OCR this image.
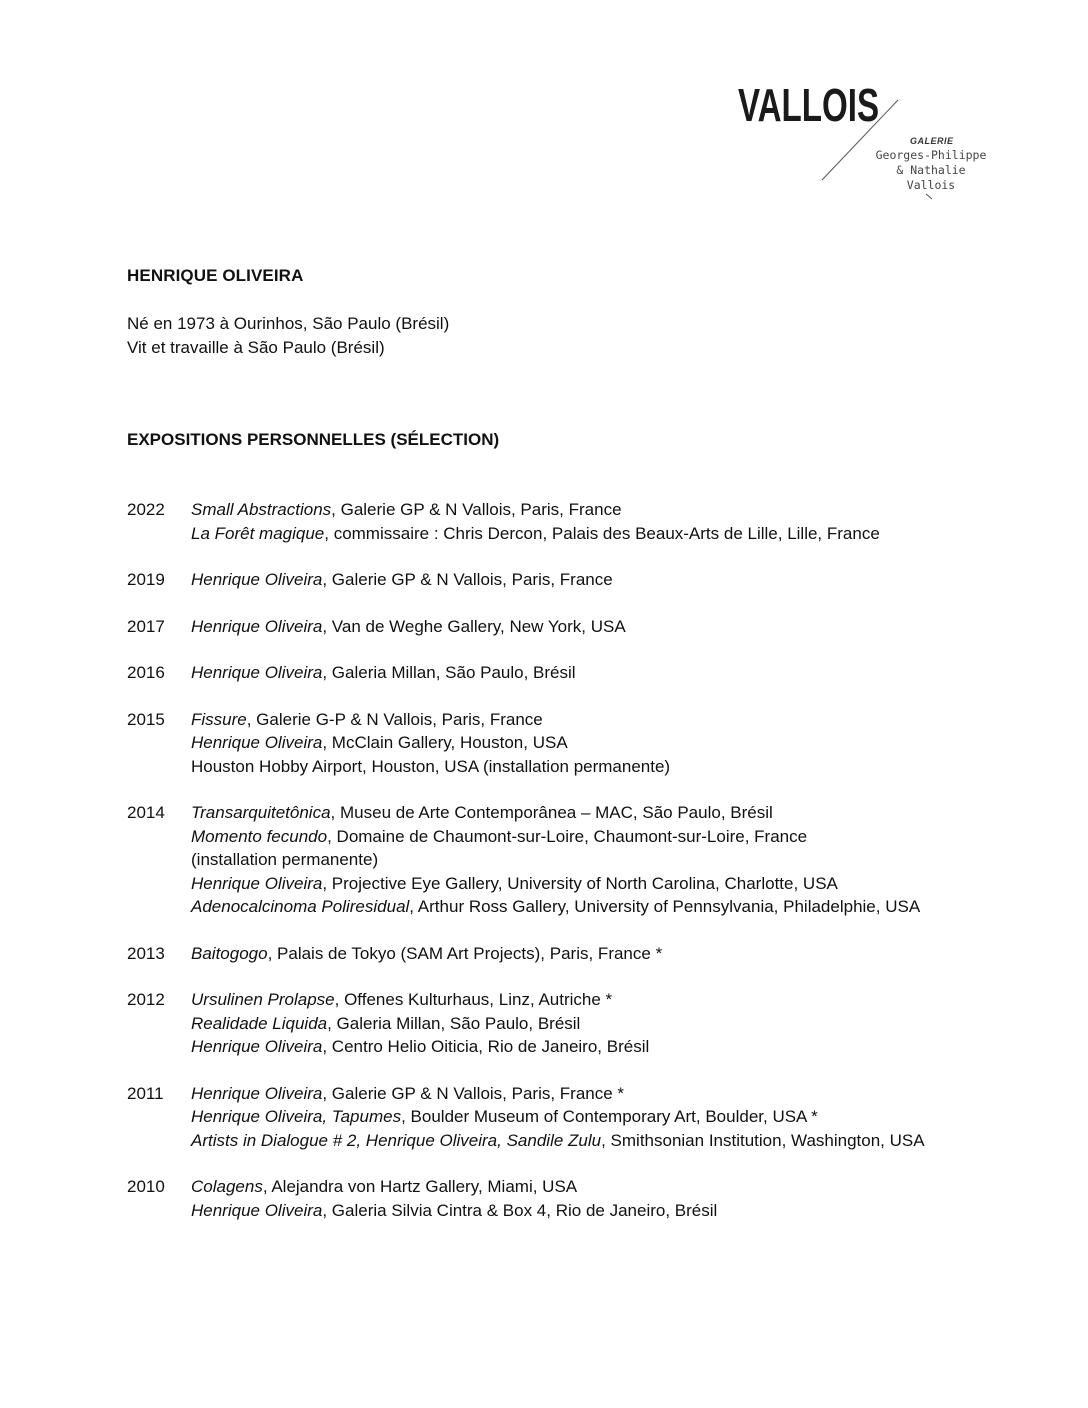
VALLOIS
GALERIE
Georges-Philippe
& Nathalie
Vallois
HENRIQUE OLIVEIRA
Né en 1973 à Ourinhos, São Paulo (Brésil)
Vit et travaille à São Paulo (Brésil)
EXPOSITIONS PERSONNELLES (SÉLECTION)
2022	Small Abstractions, Galerie GP & N Vallois, Paris, France
La Forêt magique, commissaire : Chris Dercon, Palais des Beaux-Arts de Lille, Lille, France
2019	Henrique Oliveira, Galerie GP & N Vallois, Paris, France
2017	Henrique Oliveira, Van de Weghe Gallery, New York, USA
2016	Henrique Oliveira, Galeria Millan, São Paulo, Brésil
2015	Fissure, Galerie G-P & N Vallois, Paris, France
Henrique Oliveira, McClain Gallery, Houston, USA
Houston Hobby Airport, Houston, USA (installation permanente)
2014	Transarquitetônica, Museu de Arte Contemporânea – MAC, São Paulo, Brésil
Momento fecundo, Domaine de Chaumont-sur-Loire, Chaumont-sur-Loire, France
(installation permanente)
Henrique Oliveira, Projective Eye Gallery, University of North Carolina, Charlotte, USA
Adenocalcinoma Poliresidual, Arthur Ross Gallery, University of Pennsylvania, Philadelphie, USA
2013	Baitogogo, Palais de Tokyo (SAM Art Projects), Paris, France *
2012	Ursulinen Prolapse, Offenes Kulturhaus, Linz, Autriche *
Realidade Liquida, Galeria Millan, São Paulo, Brésil
Henrique Oliveira, Centro Helio Oiticia, Rio de Janeiro, Brésil
2011	Henrique Oliveira, Galerie GP & N Vallois, Paris, France *
Henrique Oliveira, Tapumes, Boulder Museum of Contemporary Art, Boulder, USA *
Artists in Dialogue # 2, Henrique Oliveira, Sandile Zulu, Smithsonian Institution, Washington, USA
2010	Colagens, Alejandra von Hartz Gallery, Miami, USA
Henrique Oliveira, Galeria Silvia Cintra & Box 4, Rio de Janeiro, Brésil
